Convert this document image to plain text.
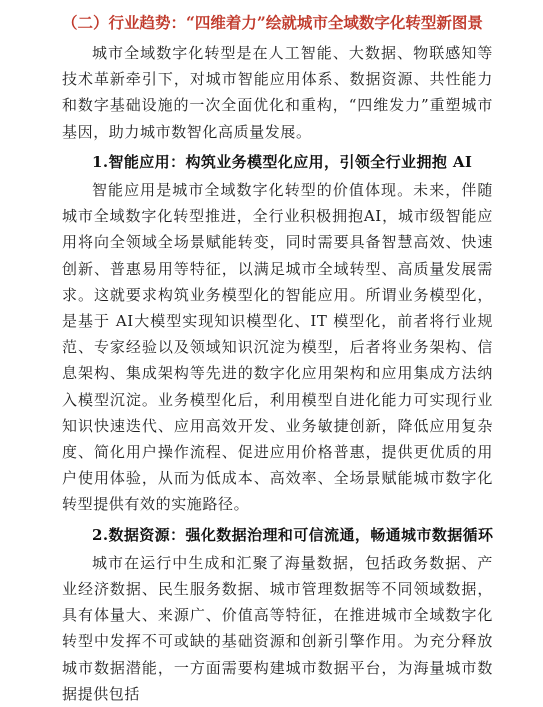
（二）行业趋势：“四维着力”绘就城市全域数字化转型新图景

城市全域数字化转型是在人工智能、大数据、物联感知等技术革新牵引下，对城市智能应用体系、数据资源、共性能力和数字基础设施的一次全面优化和重构，“四维发力”重塑城市基因，助力城市数智化高质量发展。

1.智能应用：构筑业务模型化应用，引领全行业拥抱 AI

智能应用是城市全域数字化转型的价值体现。未来，伴随城市全域数字化转型推进，全行业积极拥抱AI，城市级智能应用将向全领域全场景赋能转变，同时需要具备智慧高效、快速创新、普惠易用等特征，以满足城市全域转型、高质量发展需求。这就要求构筑业务模型化的智能应用。所谓业务模型化，是基于 AI大模型实现知识模型化、IT 模型化，前者将行业规范、专家经验以及领域知识沉淀为模型，后者将业务架构、信息架构、集成架构等先进的数字化应用架构和应用集成方法纳入模型沉淀。业务模型化后，利用模型自进化能力可实现行业知识快速迭代、应用高效开发、业务敏捷创新，降低应用复杂度、简化用户操作流程、促进应用价格普惠，提供更优质的用户使用体验，从而为低成本、高效率、全场景赋能城市数字化转型提供有效的实施路径。

2.数据资源：强化数据治理和可信流通，畅通城市数据循环

城市在运行中生成和汇聚了海量数据，包括政务数据、产业经济数据、民生服务数据、城市管理数据等不同领域数据，具有体量大、来源广、价值高等特征，在推进城市全域数字化转型中发挥不可或缺的基础资源和创新引擎作用。为充分释放城市数据潜能，一方面需要构建城市数据平台，为海量城市数据提供包括
